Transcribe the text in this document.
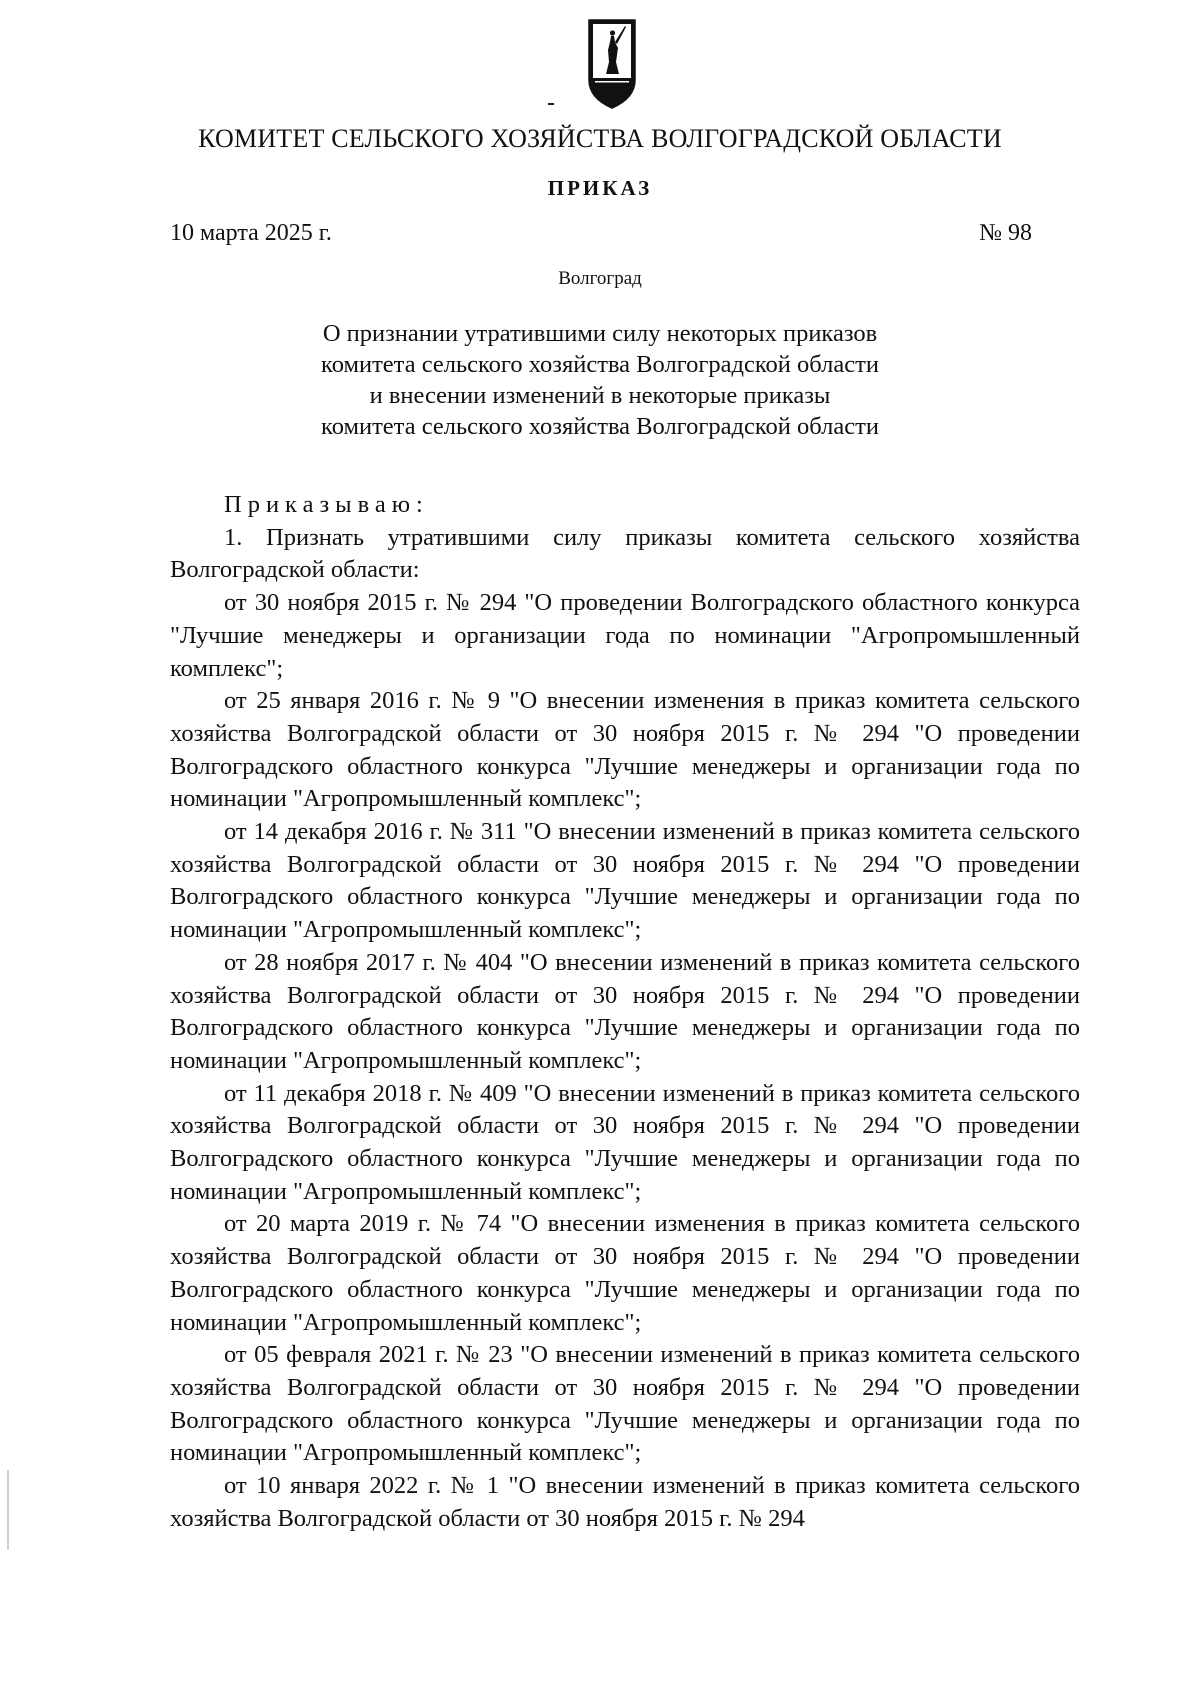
КОМИТЕТ СЕЛЬСКОГО ХОЗЯЙСТВА ВОЛГОГРАДСКОЙ ОБЛАСТИ
ПРИКАЗ
10 марта 2025 г.	№ 98
Волгоград
О признании утратившими силу некоторых приказов
комитета сельского хозяйства Волгоградской области
и внесении изменений в некоторые приказы
комитета сельского хозяйства Волгоградской области

Приказываю:

1. Признать утратившими силу приказы комитета сельского хозяйства Волгоградской области:

от 30 ноября 2015 г. № 294 "О проведении Волгоградского областного конкурса "Лучшие менеджеры и организации года по номинации "Агропромышленный комплекс";

от 25 января 2016 г. № 9 "О внесении изменения в приказ комитета сельского хозяйства Волгоградской области от 30 ноября 2015 г. № 294 "О проведении Волгоградского областного конкурса "Лучшие менеджеры и организации года по номинации "Агропромышленный комплекс";

от 14 декабря 2016 г. № 311 "О внесении изменений в приказ комитета сельского хозяйства Волгоградской области от 30 ноября 2015 г. № 294 "О проведении Волгоградского областного конкурса "Лучшие менеджеры и организации года по номинации "Агропромышленный комплекс";

от 28 ноября 2017 г. № 404 "О внесении изменений в приказ комитета сельского хозяйства Волгоградской области от 30 ноября 2015 г. № 294 "О проведении Волгоградского областного конкурса "Лучшие менеджеры и организации года по номинации "Агропромышленный комплекс";

от 11 декабря 2018 г. № 409 "О внесении изменений в приказ комитета сельского хозяйства Волгоградской области от 30 ноября 2015 г. № 294 "О проведении Волгоградского областного конкурса "Лучшие менеджеры и организации года по номинации "Агропромышленный комплекс";

от 20 марта 2019 г. № 74 "О внесении изменения в приказ комитета сельского хозяйства Волгоградской области от 30 ноября 2015 г. № 294 "О проведении Волгоградского областного конкурса "Лучшие менеджеры и организации года по номинации "Агропромышленный комплекс";

от 05 февраля 2021 г. № 23 "О внесении изменений в приказ комитета сельского хозяйства Волгоградской области от 30 ноября 2015 г. № 294 "О проведении Волгоградского областного конкурса "Лучшие менеджеры и организации года по номинации "Агропромышленный комплекс";

от 10 января 2022 г. № 1 "О внесении изменений в приказ комитета сельского хозяйства Волгоградской области от 30 ноября 2015 г. № 294
